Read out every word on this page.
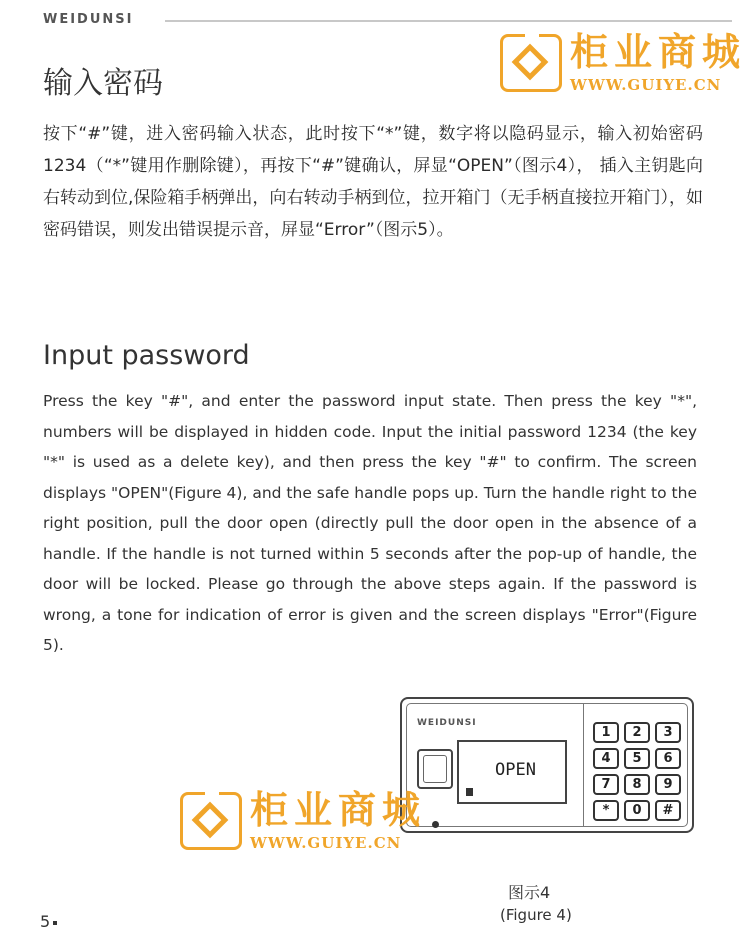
WEIDUNSI
柜业商城
WWW.GUIYE.CN
输入密码

按下“#”键，进入密码输入状态，此时按下“*”键，数字将以隐码显示，输入初始密码1234（“*”键用作删除键），再按下“#”键确认，屏显“OPEN”（图示4）， 插入主钥匙向右转动到位,保险箱手柄弹出，向右转动手柄到位，拉开箱门（无手柄直接拉开箱门），如密码错误，则发出错误提示音，屏显“Error”（图示5）。

Input password

Press the key "#", and enter the password input state. Then press the key "*", numbers will be displayed in hidden code. Input the initial password 1234 (the key "*" is used as a delete key), and then press the key "#" to confirm. The screen displays "OPEN"(Figure 4), and the safe handle pops up. Turn the handle right to the right position, pull the door open (directly pull the door open in the absence of a handle. If the handle is not turned within 5 seconds after the pop-up of handle, the door will be locked. Please go through the above steps again. If the password is wrong, a tone for indication of error is given and the screen displays "Error"(Figure 5).

WEIDUNSI
OPEN
1	2	3
4	5	6
7	8	9
*	0	#
柜业商城
WWW.GUIYE.CN
图示4
(Figure 4)
5
